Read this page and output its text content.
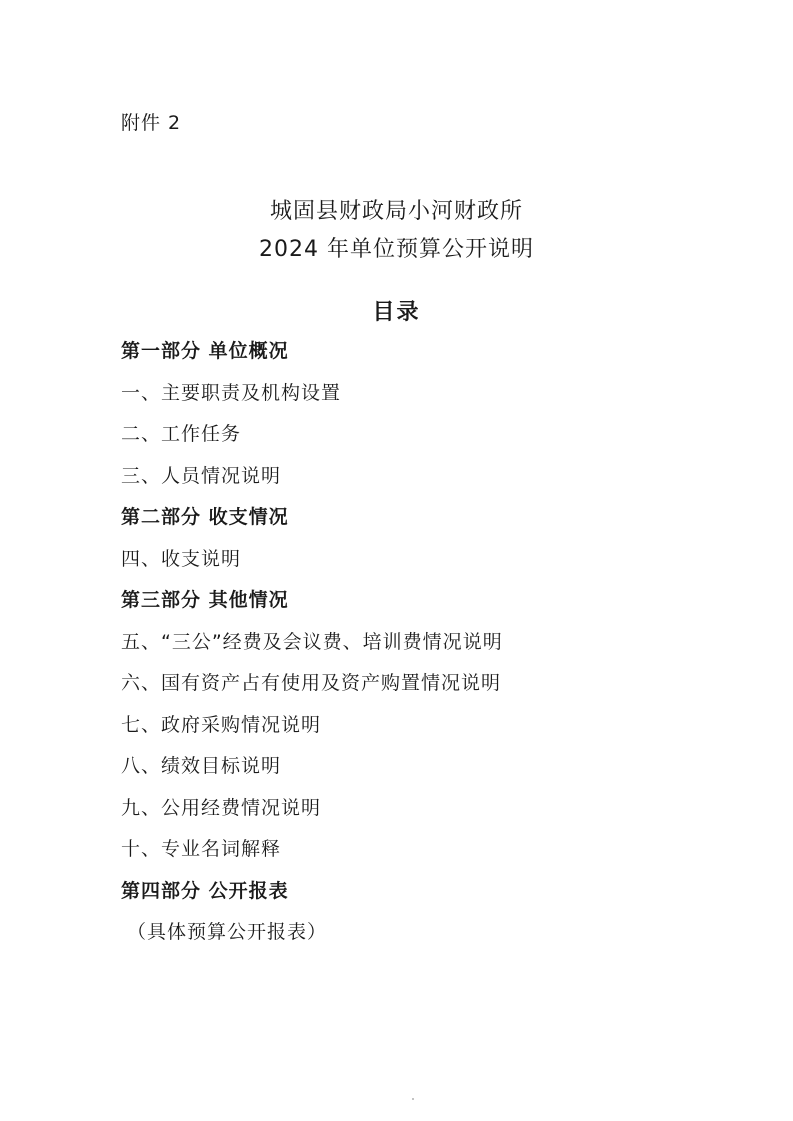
附件 2
城固县财政局小河财政所
2024 年单位预算公开说明
目录
第一部分 单位概况
一、主要职责及机构设置
二、工作任务
三、人员情况说明
第二部分 收支情况
四、收支说明
第三部分 其他情况
五、“三公”经费及会议费、培训费情况说明
六、国有资产占有使用及资产购置情况说明
七、政府采购情况说明
八、绩效目标说明
九、公用经费情况说明
十、专业名词解释
第四部分 公开报表
（具体预算公开报表）
